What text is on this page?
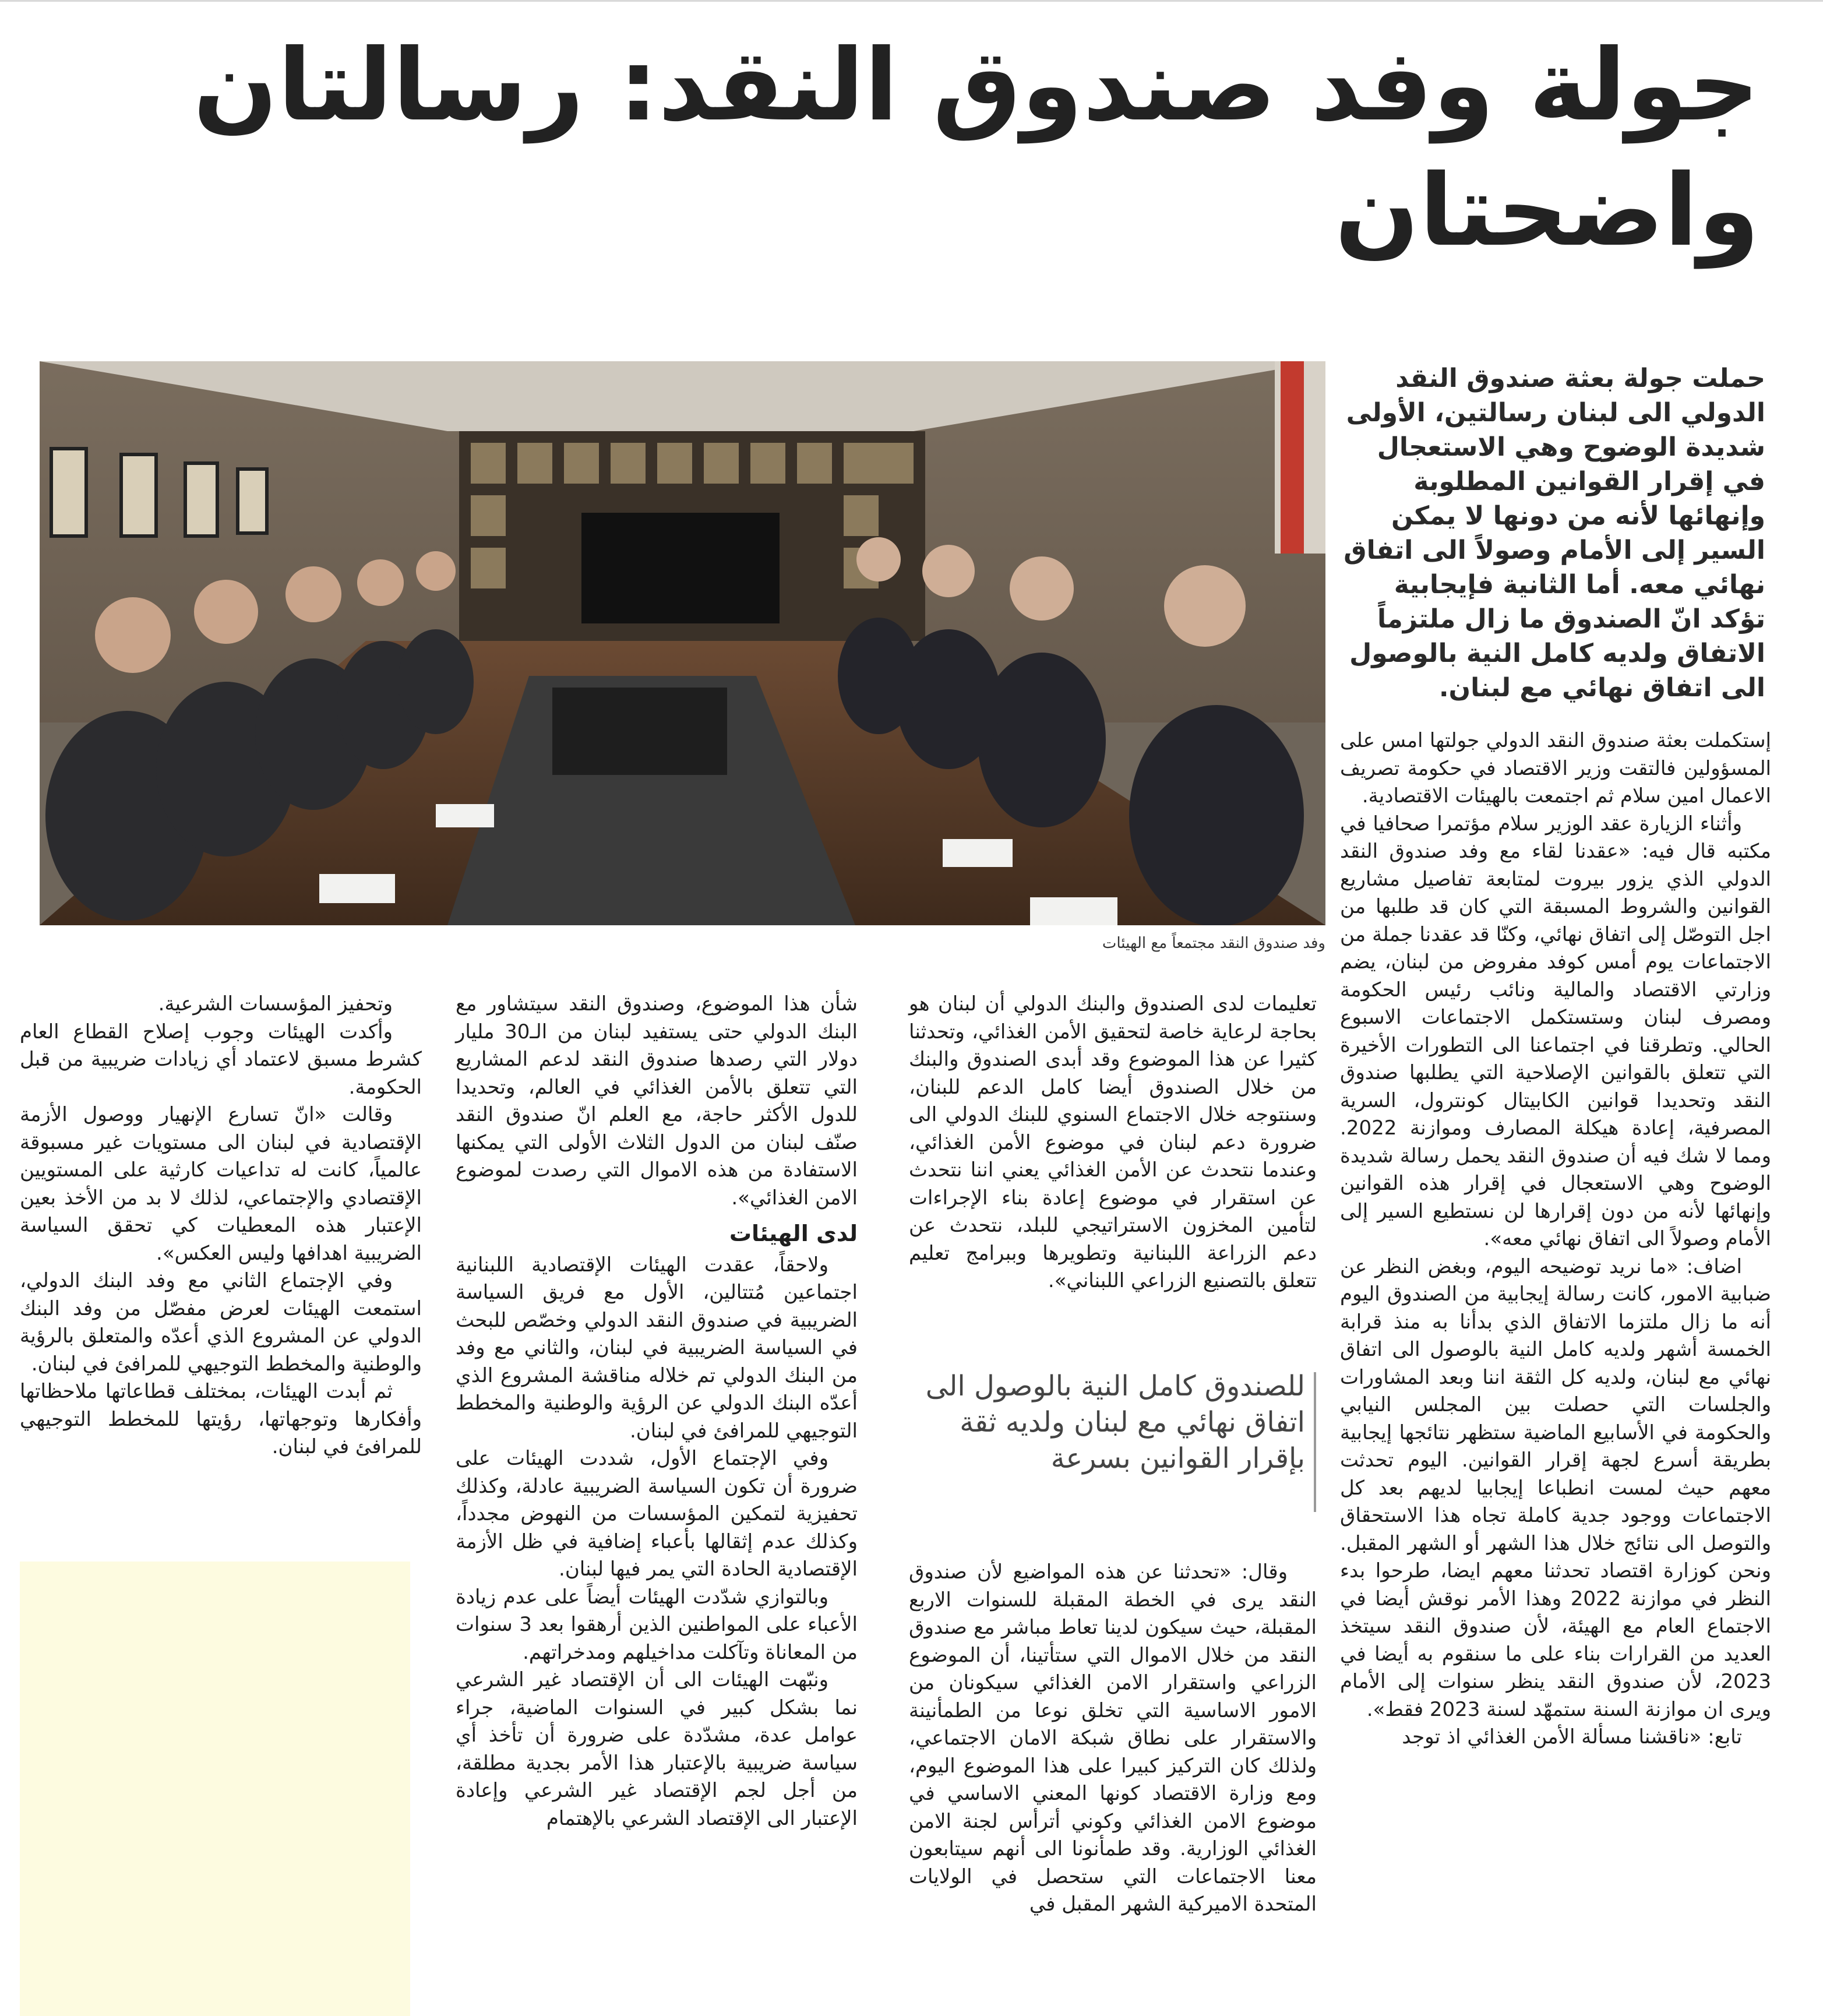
جولة وفد صندوق النقد: رسالتان واضحتان
حملت جولة بعثة صندوق النقد الدولي الى لبنان رسالتين، الأولى شديدة الوضوح وهي الاستعجال في إقرار القوانين المطلوبة وإنهائها لأنه من دونها لا يمكن السير إلى الأمام وصولاً الى اتفاق نهائي معه. أما الثانية فإيجابية تؤكد انّ الصندوق ما زال ملتزماً الاتفاق ولديه كامل النية بالوصول الى اتفاق نهائي مع لبنان.
وفد صندوق النقد مجتمعاً مع الهيئات

إستكملت بعثة صندوق النقد الدولي جولتها امس على المسؤولين فالتقت وزير الاقتصاد في حكومة تصريف الاعمال امين سلام ثم اجتمعت بالهيئات الاقتصادية.

وأثناء الزيارة عقد الوزير سلام مؤتمرا صحافيا في مكتبه قال فيه: «عقدنا لقاء مع وفد صندوق النقد الدولي الذي يزور بيروت لمتابعة تفاصيل مشاريع القوانين والشروط المسبقة التي كان قد طلبها من اجل التوصّل إلى اتفاق نهائي، وكنّا قد عقدنا جملة من الاجتماعات يوم أمس كوفد مفروض من لبنان، يضم وزارتي الاقتصاد والمالية ونائب رئيس الحكومة ومصرف لبنان وستستكمل الاجتماعات الاسبوع الحالي. وتطرقنا في اجتماعنا الى التطورات الأخيرة التي تتعلق بالقوانين الإصلاحية التي يطلبها صندوق النقد وتحديدا قوانين الكابيتال كونترول، السرية المصرفية، إعادة هيكلة المصارف وموازنة 2022. ومما لا شك فيه أن صندوق النقد يحمل رسالة شديدة الوضوح وهي الاستعجال في إقرار هذه القوانين وإنهائها لأنه من دون إقرارها لن نستطيع السير إلى الأمام وصولاً الى اتفاق نهائي معه».

اضاف: «ما نريد توضيحه اليوم، وبغض النظر عن ضبابية الامور، كانت رسالة إيجابية من الصندوق اليوم أنه ما زال ملتزما الاتفاق الذي بدأنا به منذ قرابة الخمسة أشهر ولديه كامل النية بالوصول الى اتفاق نهائي مع لبنان، ولديه كل الثقة اننا وبعد المشاورات والجلسات التي حصلت بين المجلس النيابي والحكومة في الأسابيع الماضية ستظهر نتائجها إيجابية بطريقة أسرع لجهة إقرار القوانين. اليوم تحدثت معهم حيث لمست انطباعا إيجابيا لديهم بعد كل الاجتماعات ووجود جدية كاملة تجاه هذا الاستحقاق والتوصل الى نتائج خلال هذا الشهر أو الشهر المقبل. ونحن كوزارة اقتصاد تحدثنا معهم ايضا، طرحوا بدء النظر في موازنة 2022 وهذا الأمر نوقش أيضا في الاجتماع العام مع الهيئة، لأن صندوق النقد سيتخذ العديد من القرارات بناء على ما سنقوم به أيضا في 2023، لأن صندوق النقد ينظر سنوات إلى الأمام ويرى ان موازنة السنة ستمهّد لسنة 2023 فقط».

تابع: «ناقشنا مسألة الأمن الغذائي اذ توجد

تعليمات لدى الصندوق والبنك الدولي أن لبنان هو بحاجة لرعاية خاصة لتحقيق الأمن الغذائي، وتحدثنا كثيرا عن هذا الموضوع وقد أبدى الصندوق والبنك من خلال الصندوق أيضا كامل الدعم للبنان، وسنتوجه خلال الاجتماع السنوي للبنك الدولي الى ضرورة دعم لبنان في موضوع الأمن الغذائي، وعندما نتحدث عن الأمن الغذائي يعني اننا نتحدث عن استقرار في موضوع إعادة بناء الإجراءات لتأمين المخزون الاستراتيجي للبلد، نتحدث عن دعم الزراعة اللبنانية وتطويرها وببرامج تعليم تتعلق بالتصنيع الزراعي اللبناني».

للصندوق كامل النية بالوصول الى اتفاق نهائي مع لبنان ولديه ثقة بإقرار القوانين بسرعة

وقال: «تحدثنا عن هذه المواضيع لأن صندوق النقد يرى في الخطة المقبلة للسنوات الاربع المقبلة، حيث سيكون لدينا تعاط مباشر مع صندوق النقد من خلال الاموال التي ستأتينا، أن الموضوع الزراعي واستقرار الامن الغذائي سيكونان من الامور الاساسية التي تخلق نوعا من الطمأنينة والاستقرار على نطاق شبكة الامان الاجتماعي، ولذلك كان التركيز كبيرا على هذا الموضوع اليوم، ومع وزارة الاقتصاد كونها المعني الاساسي في موضوع الامن الغذائي وكوني أترأس لجنة الامن الغذائي الوزارية. وقد طمأنونا الى أنهم سيتابعون معنا الاجتماعات التي ستحصل في الولايات المتحدة الاميركية الشهر المقبل في

شأن هذا الموضوع، وصندوق النقد سيتشاور مع البنك الدولي حتى يستفيد لبنان من الـ30 مليار دولار التي رصدها صندوق النقد لدعم المشاريع التي تتعلق بالأمن الغذائي في العالم، وتحديدا للدول الأكثر حاجة، مع العلم انّ صندوق النقد صنّف لبنان من الدول الثلاث الأولى التي يمكنها الاستفادة من هذه الاموال التي رصدت لموضوع الامن الغذائي».

لدى الهيئات

ولاحقاً، عقدت الهيئات الإقتصادية اللبنانية اجتماعين مُتتالين، الأول مع فريق السياسة الضريبية في صندوق النقد الدولي وخصّص للبحث في السياسة الضريبية في لبنان، والثاني مع وفد من البنك الدولي تم خلاله مناقشة المشروع الذي أعدّه البنك الدولي عن الرؤية والوطنية والمخطط التوجيهي للمرافئ في لبنان.

وفي الإجتماع الأول، شددت الهيئات على ضرورة أن تكون السياسة الضريبية عادلة، وكذلك تحفيزية لتمكين المؤسسات من النهوض مجدداً، وكذلك عدم إثقالها بأعباء إضافية في ظل الأزمة الإقتصادية الحادة التي يمر فيها لبنان.

وبالتوازي شدّدت الهيئات أيضاً على عدم زيادة الأعباء على المواطنين الذين أرهقوا بعد 3 سنوات من المعاناة وتآكلت مداخيلهم ومدخراتهم.

ونبّهت الهيئات الى أن الإقتصاد غير الشرعي نما بشكل كبير في السنوات الماضية، جراء عوامل عدة، مشدّدة على ضرورة أن تأخذ أي سياسة ضريبية بالإعتبار هذا الأمر بجدية مطلقة، من أجل لجم الإقتصاد غير الشرعي وإعادة الإعتبار الى الإقتصاد الشرعي بالإهتمام

وتحفيز المؤسسات الشرعية.

وأكدت الهيئات وجوب إصلاح القطاع العام كشرط مسبق لاعتماد أي زيادات ضريبية من قبل الحكومة.

وقالت «انّ تسارع الإنهيار ووصول الأزمة الإقتصادية في لبنان الى مستويات غير مسبوقة عالمياً، كانت له تداعيات كارثية على المستويين الإقتصادي والإجتماعي، لذلك لا بد من الأخذ بعين الإعتبار هذه المعطيات كي تحقق السياسة الضريبية اهدافها وليس العكس».

وفي الإجتماع الثاني مع وفد البنك الدولي، استمعت الهيئات لعرض مفصّل من وفد البنك الدولي عن المشروع الذي أعدّه والمتعلق بالرؤية والوطنية والمخطط التوجيهي للمرافئ في لبنان.

ثم أبدت الهيئات، بمختلف قطاعاتها ملاحظاتها وأفكارها وتوجهاتها، رؤيتها للمخطط التوجيهي للمرافئ في لبنان.
